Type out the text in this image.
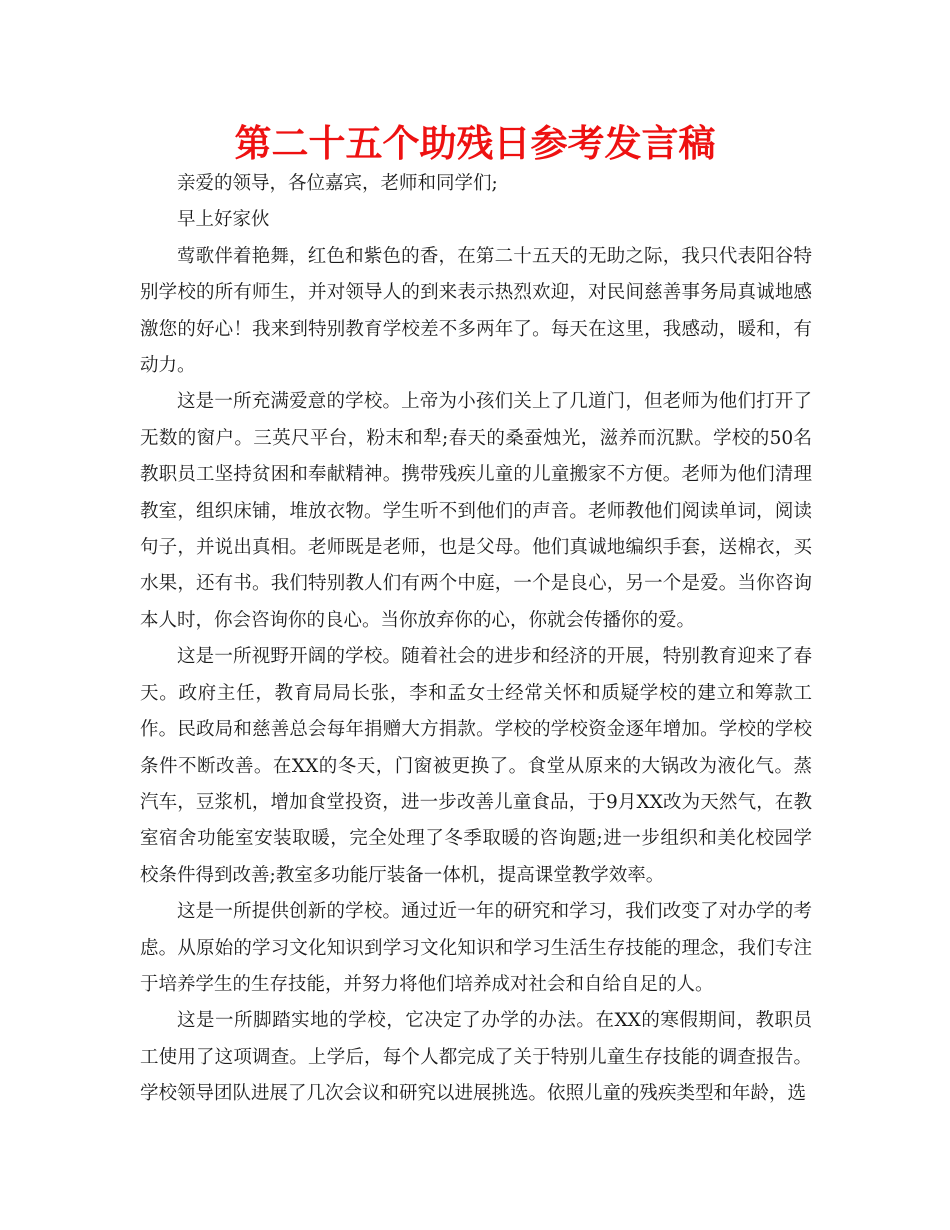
第二十五个助残日参考发言稿

亲爱的领导，各位嘉宾，老师和同学们;

早上好家伙

莺歌伴着艳舞，红色和紫色的香，在第二十五天的无助之际，我只代表阳谷特别学校的所有师生，并对领导人的到来表示热烈欢迎，对民间慈善事务局真诚地感激您的好心！我来到特别教育学校差不多两年了。每天在这里，我感动，暖和，有动力。

这是一所充满爱意的学校。上帝为小孩们关上了几道门，但老师为他们打开了无数的窗户。三英尺平台，粉末和犁;春天的桑蚕烛光，滋养而沉默。学校的50名教职员工坚持贫困和奉献精神。携带残疾儿童的儿童搬家不方便。老师为他们清理教室，组织床铺，堆放衣物。学生听不到他们的声音。老师教他们阅读单词，阅读句子，并说出真相。老师既是老师，也是父母。他们真诚地编织手套，送棉衣，买水果，还有书。我们特别教人们有两个中庭，一个是良心，另一个是爱。当你咨询本人时，你会咨询你的良心。当你放弃你的心，你就会传播你的爱。

这是一所视野开阔的学校。随着社会的进步和经济的开展，特别教育迎来了春天。政府主任，教育局局长张，李和孟女士经常关怀和质疑学校的建立和筹款工作。民政局和慈善总会每年捐赠大方捐款。学校的学校资金逐年增加。学校的学校条件不断改善。在XX的冬天，门窗被更换了。食堂从原来的大锅改为液化气。蒸汽车，豆浆机，增加食堂投资，进一步改善儿童食品，于9月XX改为天然气，在教室宿舍功能室安装取暖，完全处理了冬季取暖的咨询题;进一步组织和美化校园学校条件得到改善;教室多功能厅装备一体机，提高课堂教学效率。

这是一所提供创新的学校。通过近一年的研究和学习，我们改变了对办学的考虑。从原始的学习文化知识到学习文化知识和学习生活生存技能的理念，我们专注于培养学生的生存技能，并努力将他们培养成对社会和自给自足的人。

这是一所脚踏实地的学校，它决定了办学的办法。在XX的寒假期间，教职员工使用了这项调查。上学后，每个人都完成了关于特别儿童生存技能的调查报告。学校领导团队进展了几次会议和研究以进展挑选。依照儿童的残疾类型和年龄，选
